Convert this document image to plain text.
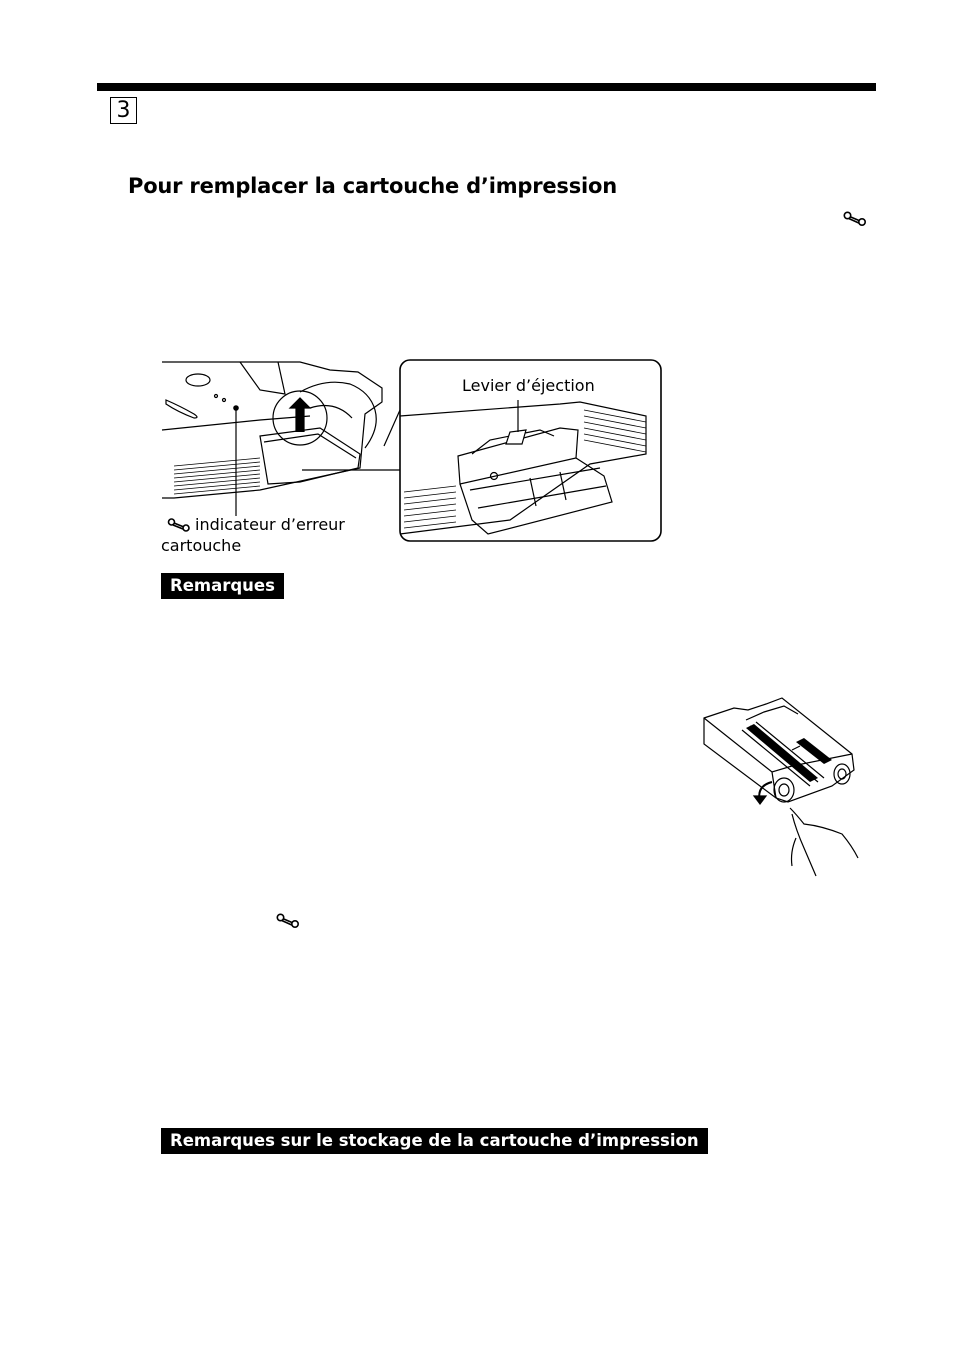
3
Pour remplacer la cartouche d’impression
Levier d’éjection
indicateur d’erreur
cartouche
Remarques
Remarques sur le stockage de la cartouche d’impression
